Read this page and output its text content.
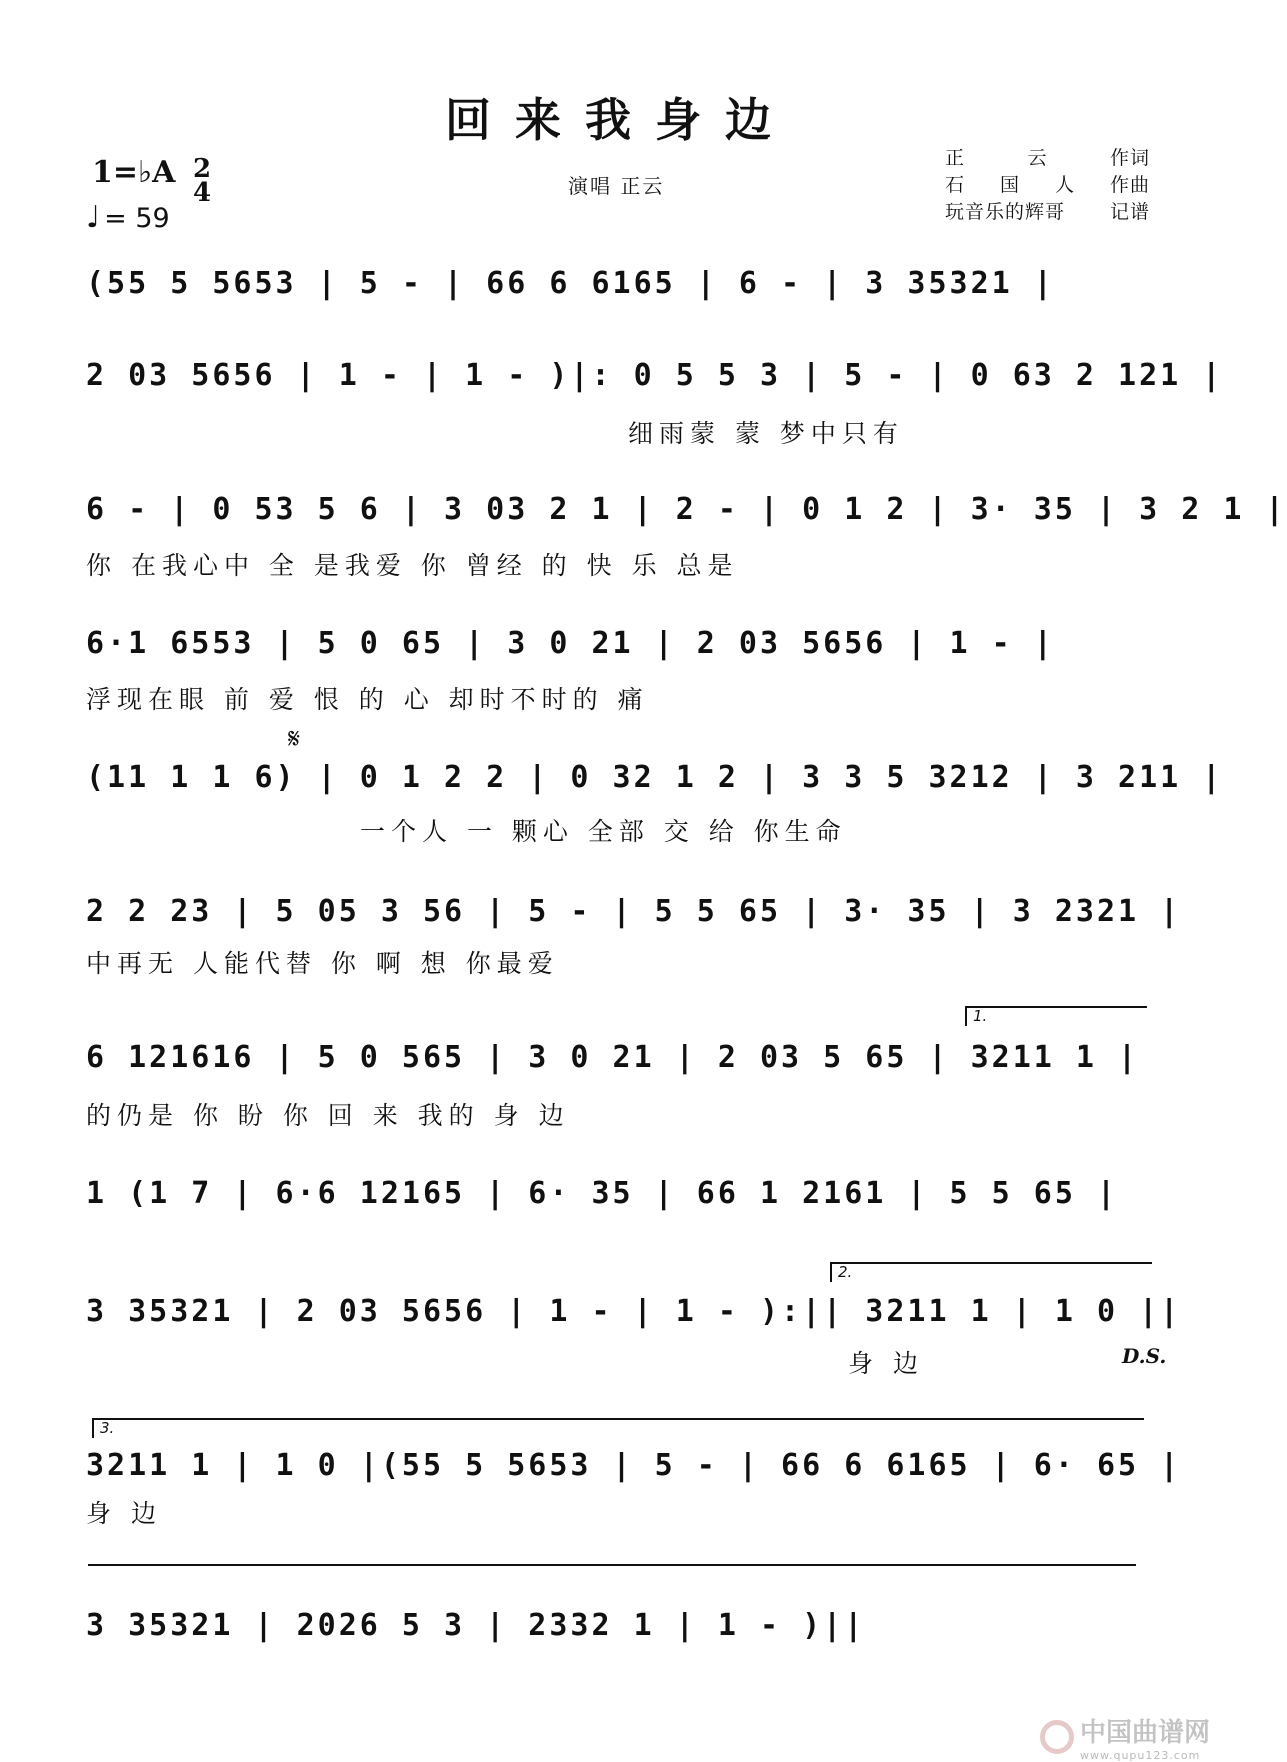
回来我身边
1=♭A 2
4
♩ = 59
演唱 正云
正	云	作词
石 国 人 作曲
玩音乐的辉哥 记谱
(55 5 5653 | 5 - | 66 6 6165 | 6 - | 3 35321 |
2 03 5656 | 1 - | 1 - )|: 0 5 5 3 | 5 - | 0 63 2 121 |
细雨蒙 蒙 梦中只有
6 - | 0 53 5 6 | 3 03 2 1 | 2 - | 0 1 2 | 3· 35 | 3 2 1 |
你 在我心中 全 是我爱 你 曾经 的 快 乐 总是
6·1 6553 | 5 0 65 | 3 0 21 | 2 03 5656 | 1 - |
浮现在眼 前 爱 恨 的 心 却时不时的 痛
𝄋
(11 1 1 6) | 0 1 2 2 | 0 32 1 2 | 3 3 5 3212 | 3 211 |
一个人 一 颗心 全部 交 给 你生命
2 2 23 | 5 05 3 56 | 5 - | 5 5 65 | 3· 35 | 3 2321 |
中再无 人能代替 你 啊 想 你最爱
1.
6 121616 | 5 0 565 | 3 0 21 | 2 03 5 65 | 3211 1 |
的仍是 你 盼 你 回 来 我的 身 边
1 (1 7 | 6·6 12165 | 6· 35 | 66 1 2161 | 5 5 65 |
2.
3 35321 | 2 03 5656 | 1 - | 1 - ):|| 3211 1 | 1 0 ||
身 边	D.S.
3.
3211 1 | 1 0 |(55 5 5653 | 5 - | 66 6 6165 | 6· 65 |
身 边
3 35321 | 2026 5 3 | 2332 1 | 1 - )||
中国曲谱网
www.qupu123.com
